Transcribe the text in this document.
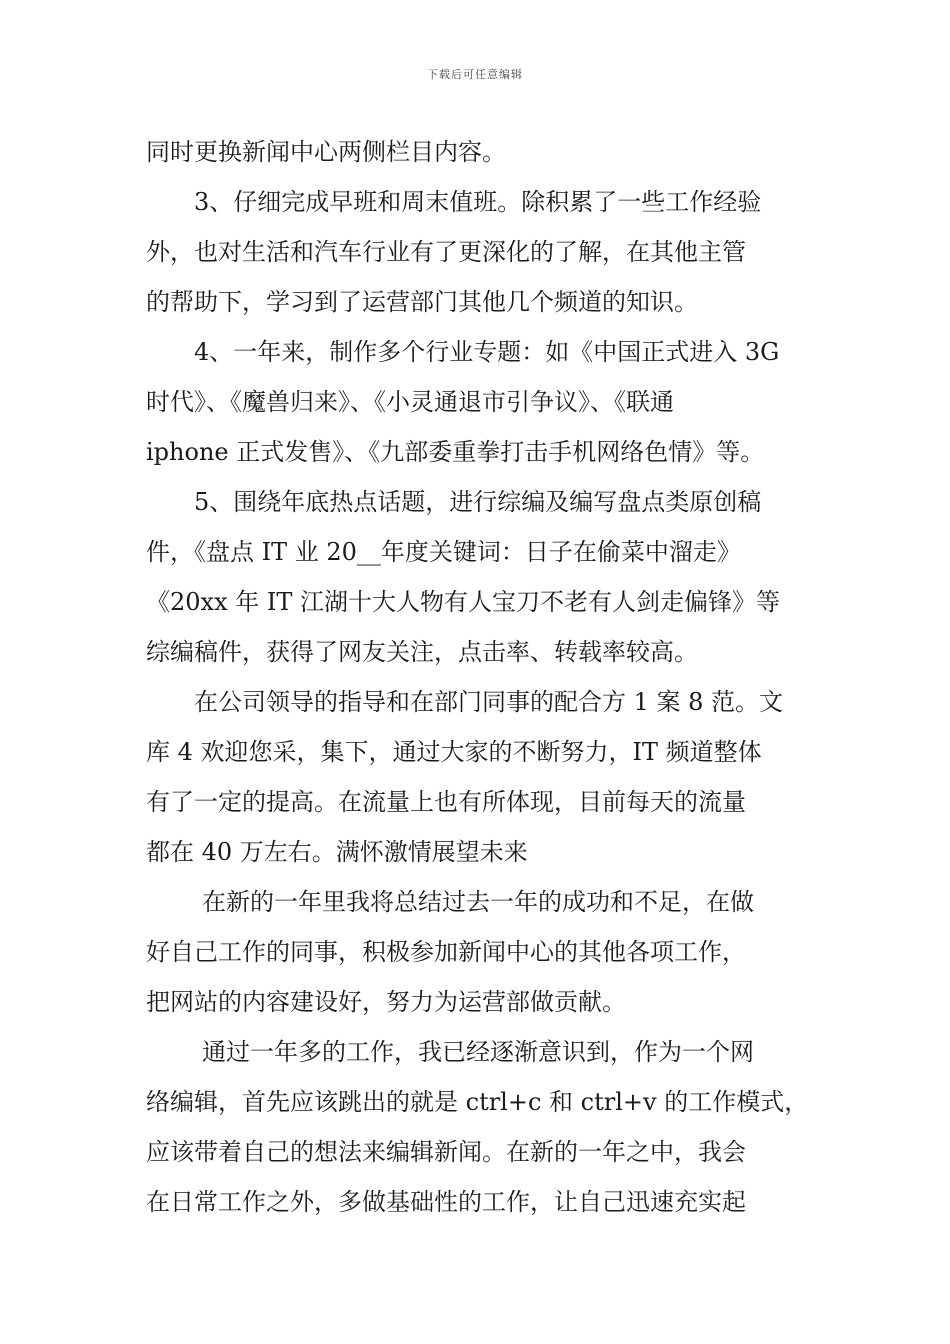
下载后可任意编辑
同时更换新闻中心两侧栏目内容。
3、仔细完成早班和周末值班。除积累了一些工作经验
外，也对生活和汽车行业有了更深化的了解，在其他主管
的帮助下，学习到了运营部门其他几个频道的知识。
4、一年来，制作多个行业专题：如《中国正式进入 3G
时代》、《魔兽归来》、《小灵通退市引争议》、《联通
iphone 正式发售》、《九部委重拳打击手机网络色情》等。
5、围绕年底热点话题，进行综编及编写盘点类原创稿
件，《盘点 IT 业 20__年度关键词：日子在偷菜中溜走》
《20xx 年 IT 江湖十大人物有人宝刀不老有人剑走偏锋》等
综编稿件，获得了网友关注，点击率、转载率较高。
在公司领导的指导和在部门同事的配合方 1 案 8 范。文
库 4 欢迎您采，集下，通过大家的不断努力，IT 频道整体
有了一定的提高。在流量上也有所体现，目前每天的流量
都在 40 万左右。满怀激情展望未来
在新的一年里我将总结过去一年的成功和不足，在做
好自己工作的同事，积极参加新闻中心的其他各项工作，
把网站的内容建设好，努力为运营部做贡献。
通过一年多的工作，我已经逐渐意识到，作为一个网
络编辑，首先应该跳出的就是 ctrl+c 和 ctrl+v 的工作模式，
应该带着自己的想法来编辑新闻。在新的一年之中，我会
在日常工作之外，多做基础性的工作，让自己迅速充实起
